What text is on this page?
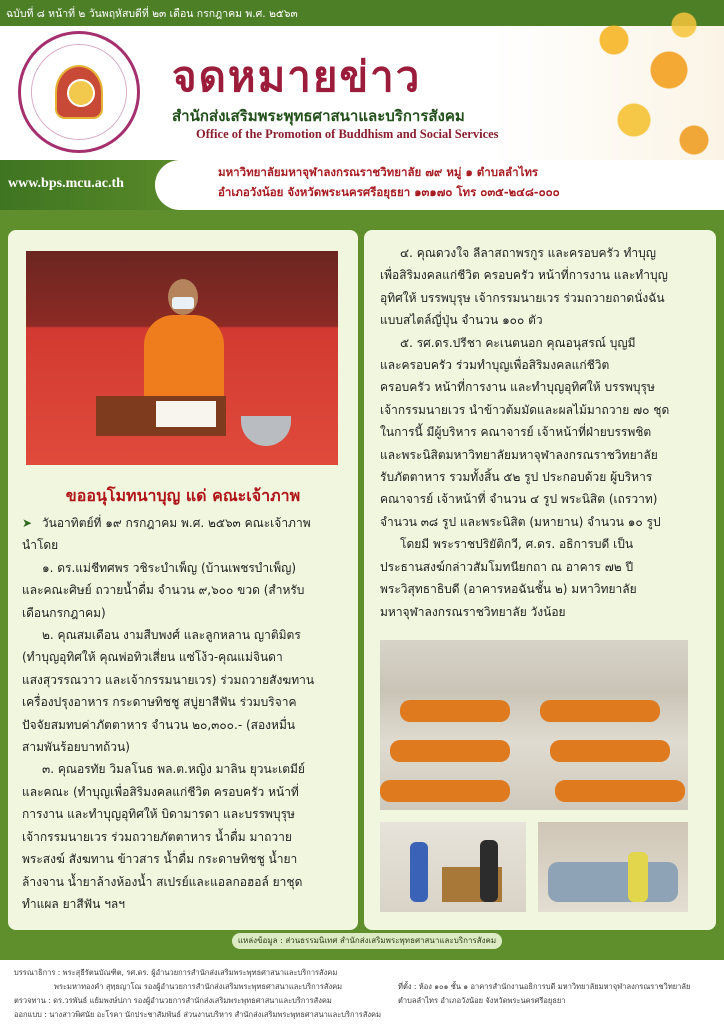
ฉบับที่ ๘ หน้าที่ ๒ วันพฤหัสบดีที่ ๒๓ เดือน กรกฎาคม พ.ศ. ๒๕๖๓
จดหมายข่าว
สำนักส่งเสริมพระพุทธศาสนาและบริการสังคม
Office of the Promotion of Buddhism and Social Services
www.bps.mcu.ac.th
มหาวิทยาลัยมหาจุฬาลงกรณราชวิทยาลัย ๗๙ หมู่ ๑ ตำบลลำไทร
อำเภอวังน้อย จังหวัดพระนครศรีอยุธยา ๑๓๑๗๐ โทร ๐๓๕-๒๔๘-๐๐๐
ขออนุโมทนาบุญ แด่ คณะเจ้าภาพ
➤ วันอาทิตย์ที่ ๑๙ กรกฎาคม พ.ศ. ๒๕๖๓ คณะเจ้าภาพ
นำโดย
๑. ดร.แม่ชีทศพร วชิระบำเพ็ญ (บ้านเพชรบำเพ็ญ)
และคณะศิษย์ ถวายน้ำดื่ม จำนวน ๙,๖๐๐ ขวด (สำหรับ
เดือนกรกฎาคม)
๒. คุณสมเดือน งามสืบพงศ์ และลูกหลาน ญาติมิตร
(ทำบุญอุทิศให้ คุณพ่อทิวเสี่ยน แซ่โง้ว-คุณแม่จินดา
แสงสุวรรณวาว และเจ้ากรรมนายเวร) ร่วมถวายสังฆทาน
เครื่องปรุงอาหาร กระดาษทิชชู สบู่ยาสีฟัน ร่วมบริจาค
ปัจจัยสมทบค่าภัตตาหาร จำนวน ๒๐,๓๐๐.- (สองหมื่น
สามพันร้อยบาทถ้วน)
๓. คุณอรทัย วิมลโนธ พล.ต.หญิง มาลิน ยุวนะเตมีย์
และคณะ (ทำบุญเพื่อสิริมงคลแก่ชีวิต ครอบครัว หน้าที่
การงาน และทำบุญอุทิศให้ บิดามารดา และบรรพบุรุษ
เจ้ากรรมนายเวร ร่วมถวายภัตตาหาร น้ำดื่ม มาถวาย
พระสงฆ์ สังฆทาน ข้าวสาร น้ำดื่ม กระดาษทิชชู น้ำยา
ล้างจาน น้ำยาล้างห้องน้ำ สเปรย์และแอลกอฮอล์ ยาชุด
ทำแผล ยาสีฟัน ฯลฯ
๔. คุณดวงใจ ลีลาสถาพรกูร และครอบครัว ทำบุญ
เพื่อสิริมงคลแก่ชีวิต ครอบครัว หน้าที่การงาน และทำบุญ
อุทิศให้ บรรพบุรุษ เจ้ากรรมนายเวร ร่วมถวายถาดนั่งฉัน
แบบสไตล์ญี่ปุ่น จำนวน ๑๐๐ ตัว
๕. รศ.ดร.ปรีชา คะเนตนอก คุณอนุสรณ์ บุญมี
และครอบครัว ร่วมทำบุญเพื่อสิริมงคลแก่ชีวิต
ครอบครัว หน้าที่การงาน และทำบุญอุทิศให้ บรรพบุรุษ
เจ้ากรรมนายเวร นำข้าวต้มมัดและผลไม้มาถวาย ๗๐ ชุด
ในการนี้ มีผู้บริหาร คณาจารย์ เจ้าหน้าที่ฝ่ายบรรพชิต
และพระนิสิตมหาวิทยาลัยมหาจุฬาลงกรณราชวิทยาลัย
รับภัตตาหาร รวมทั้งสิ้น ๕๒ รูป ประกอบด้วย ผู้บริหาร
คณาจารย์ เจ้าหน้าที่ จำนวน ๔ รูป พระนิสิต (เถรวาท)
จำนวน ๓๘ รูป และพระนิสิต (มหายาน) จำนวน ๑๐ รูป
โดยมี พระราชปริยัติกวี, ศ.ดร. อธิการบดี เป็น
ประธานสงฆ์กล่าวสัมโมทนียกถา ณ อาคาร ๗๒ ปี
พระวิสุทธาธิบดี (อาคารหอฉันชั้น ๒) มหาวิทยาลัย
มหาจุฬาลงกรณราชวิทยาลัย วังน้อย
แหล่งข้อมูล : ส่วนธรรมนิเทศ สำนักส่งเสริมพระพุทธศาสนาและบริการสังคม
บรรณาธิการ : พระสุธีรัตนบัณฑิต, รศ.ดร. ผู้อำนวยการสำนักส่งเสริมพระพุทธศาสนาและบริการสังคม
พระมหาทองคำ สุทฺธญาโณ รองผู้อำนวยการสำนักส่งเสริมพระพุทธศาสนาและบริการสังคม
ตรวจทาน : ดร.วรพันธ์ แย้มพงษ์ปภา รองผู้อำนวยการสำนักส่งเสริมพระพุทธศาสนาและบริการสังคม
ออกแบบ : นางสาวพิศนัย อะโรคา นักประชาสัมพันธ์ ส่วนงานบริหาร สำนักส่งเสริมพระพุทธศาสนาและบริการสังคม
ที่ตั้ง : ห้อง ๑๐๑ ชั้น ๑ อาคารสำนักงานอธิการบดี มหาวิทยาลัยมหาจุฬาลงกรณราชวิทยาลัย
ตำบลลำไทร อำเภอวังน้อย จังหวัดพระนครศรีอยุธยา
